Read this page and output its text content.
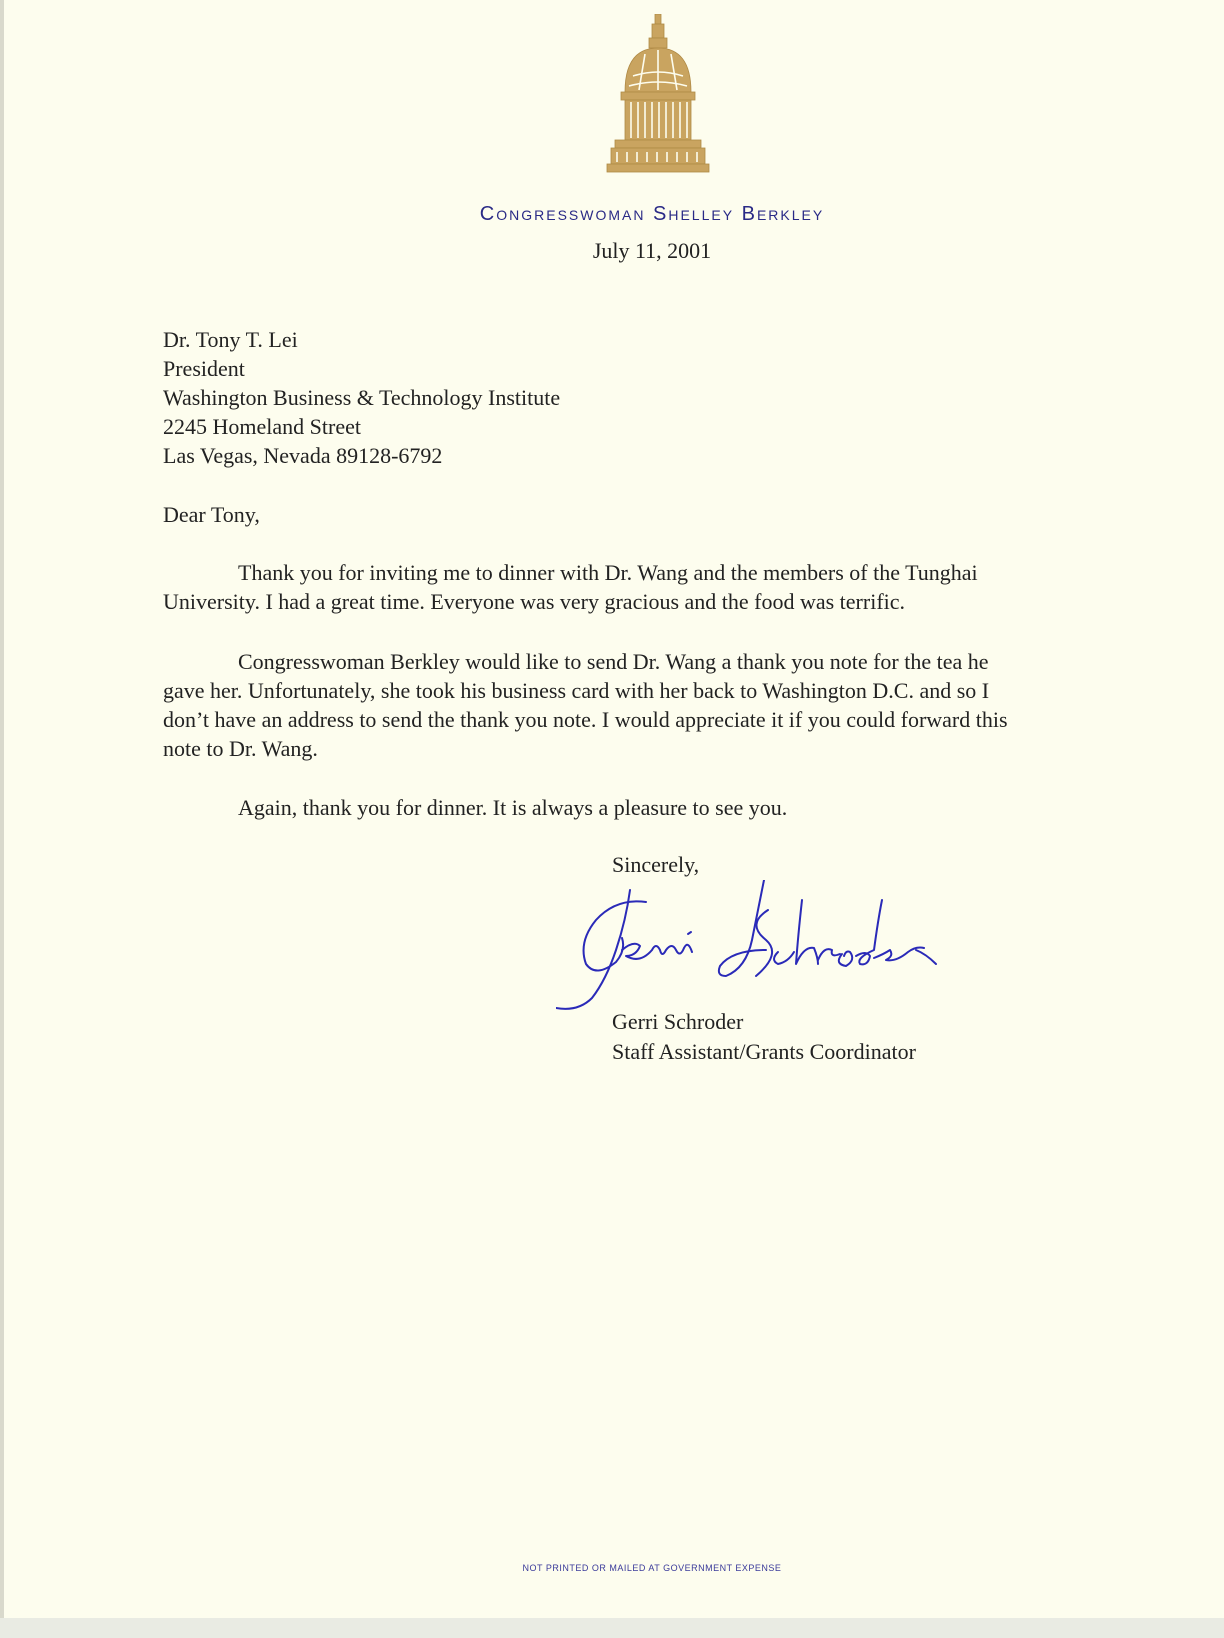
Congresswoman Shelley Berkley
July 11, 2001
Dr. Tony T. Lei
President
Washington Business & Technology Institute
2245 Homeland Street
Las Vegas, Nevada 89128-6792
Dear Tony,
Thank you for inviting me to dinner with Dr. Wang and the members of the Tunghai
University. I had a great time. Everyone was very gracious and the food was terrific.
Congresswoman Berkley would like to send Dr. Wang a thank you note for the tea he
gave her. Unfortunately, she took his business card with her back to Washington D.C. and so I
don’t have an address to send the thank you note. I would appreciate it if you could forward this
note to Dr. Wang.
Again, thank you for dinner. It is always a pleasure to see you.
Sincerely,
Gerri Schroder
Staff Assistant/Grants Coordinator
NOT PRINTED OR MAILED AT GOVERNMENT EXPENSE
